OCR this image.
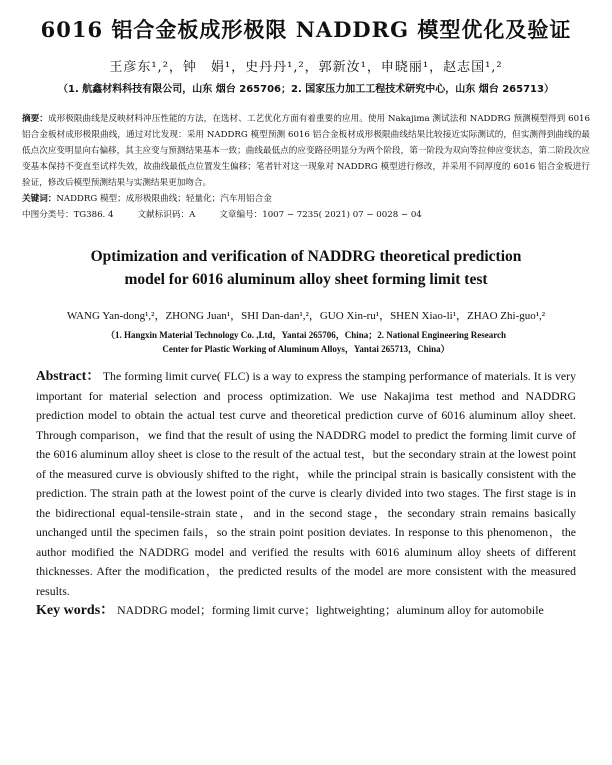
6016 铝合金板成形极限 NADDRG 模型优化及验证
王彦东¹,²，钟　娟¹，史丹丹¹,²，郭新汝¹，申晓丽¹，赵志国¹,²
（1. 航鑫材料科技有限公司，山东 烟台 265706；2. 国家压力加工工程技术研究中心，山东 烟台 265713）
摘要：成形极限曲线是反映材料冲压性能的方法，在选材、工艺优化方面有着重要的应用。使用 Nakajima 测试法和 NADDRG 预测模型得到 6016 铝合金板材成形极限曲线，通过对比发现：采用 NADDRG 模型预测 6016 铝合金板材成形极限曲线结果比较接近实际测试的，但实测得到曲线的最低点次应变明显向右偏移，其主应变与预测结果基本一致；曲线最低点的应变路径明显分为两个阶段，第一阶段为双向等拉伸应变状态，第二阶段次应变基本保持不变直至试样失效，故曲线最低点位置发生偏移；笔者针对这一现象对 NADDRG 模型进行修改，并采用不同厚度的 6016 铝合金板进行验证，修改后模型预测结果与实测结果更加吻合。
关键词：NADDRG 模型；成形极限曲线；轻量化；汽车用铝合金
中图分类号：TG386. 4	文献标识码：A	文章编号：1007 − 7235( 2021) 07 − 0028 − 04
Optimization and verification of NADDRG theoretical prediction
model for 6016 aluminum alloy sheet forming limit test
WANG Yan-dong¹,²，ZHONG Juan¹，SHI Dan-dan¹,²，GUO Xin-ru¹，SHEN Xiao-li¹，ZHAO Zhi-guo¹,²
（1. Hangxin Material Technology Co. ,Ltd，Yantai 265706，China；2. National Engineering Research
Center for Plastic Working of Aluminum Alloys，Yantai 265713，China）
Abstract： The forming limit curve( FLC) is a way to express the stamping performance of materials. It is very important for material selection and process optimization. We use Nakajima test method and NADDRG prediction model to obtain the actual test curve and theoretical prediction curve of 6016 aluminum alloy sheet. Through comparison，we find that the result of using the NADDRG model to predict the forming limit curve of the 6016 aluminum alloy sheet is close to the result of the actual test，but the secondary strain at the lowest point of the measured curve is obviously shifted to the right，while the principal strain is basically consistent with the prediction. The strain path at the lowest point of the curve is clearly divided into two stages. The first stage is in the bidirectional equal-tensile-strain state，and in the second stage，the secondary strain remains basically unchanged until the specimen fails，so the strain point position deviates. In response to this phenomenon，the author modified the NADDRG model and verified the results with 6016 aluminum alloy sheets of different thicknesses. After the modification，the predicted results of the model are more consistent with the measured results.
Key words： NADDRG model；forming limit curve；lightweighting；aluminum alloy for automobile
